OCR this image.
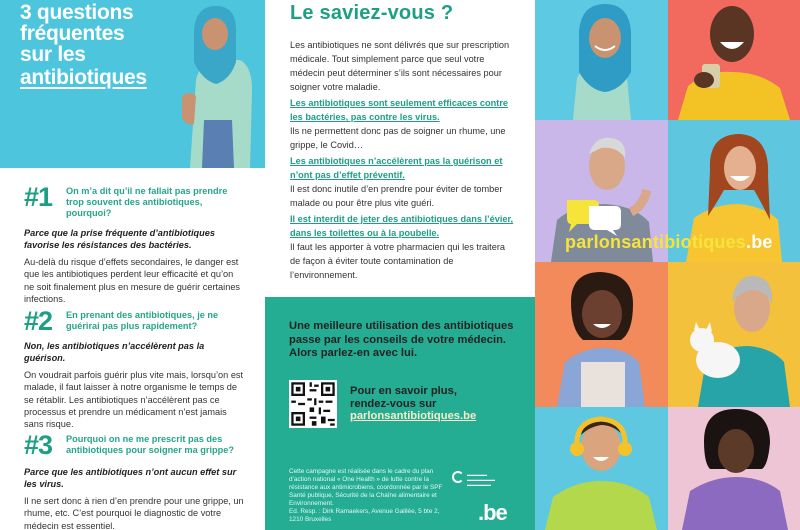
3 questions
fréquentes
sur les
antibiotiques
#1	On m’a dit qu’il ne fallait pas prendre trop souvent des antibiotiques, pourquoi?
Parce que la prise fréquente d’antibiotiques favorise les résistances des bactéries.
Au-delà du risque d’effets secondaires, le danger est que les antibiotiques perdent leur efficacité et qu’on ne soit finalement plus en mesure de guérir certaines infections.
#2	En prenant des antibiotiques, je ne guérirai pas plus rapidement?
Non, les antibiotiques n’accélèrent pas la guérison.
On voudrait parfois guérir plus vite mais, lorsqu’on est malade, il faut laisser à notre organisme le temps de se rétablir. Les antibiotiques n’accélèrent pas ce processus et prendre un médicament n’est jamais sans risque.
#3	Pourquoi on ne me prescrit pas des antibiotiques pour soigner ma grippe?
Parce que les antibiotiques n’ont aucun effet sur les virus.
Il ne sert donc à rien d’en prendre pour une grippe, un rhume, etc. C’est pourquoi le diagnostic de votre médecin est essentiel.
Le saviez-vous ?
Les antibiotiques ne sont délivrés que sur prescription médicale. Tout simplement parce que seul votre médecin peut déterminer s’ils sont nécessaires pour soigner votre maladie.
Les antibiotiques sont seulement efficaces contre les bactéries, pas contre les virus.
Ils ne permettent donc pas de soigner un rhume, une grippe, le Covid…
Les antibiotiques n’accélèrent pas la guérison et n’ont pas d’effet préventif.
Il est donc inutile d’en prendre pour éviter de tomber malade ou pour être plus vite guéri.
Il est interdit de jeter des antibiotiques dans l’évier, dans les toilettes ou à la poubelle.
Il faut les apporter à votre pharmacien qui les traitera de façon à éviter toute contamination de l’environnement.
Une meilleure utilisation des antibiotiques passe par les conseils de votre médecin. Alors parlez-en avec lui.
Pour en savoir plus,
rendez-vous sur
parlonsantibiotiques.be
Cette campagne est réalisée dans le cadre du plan d’action national « One Health » de lutte contre la résistance aux antimicrobiens, coordonnée par le SPF Santé publique, Sécurité de la Chaîne alimentaire et Environnement.
Ed. Resp. : Dirk Ramaekers, Avenue Galilée, 5 bte 2, 1210 Bruxelles
▬▬▬▬▬
▬▬▬▬▬▬▬
▬▬▬▬▬▬
.be
parlonsantibiotiques.be
